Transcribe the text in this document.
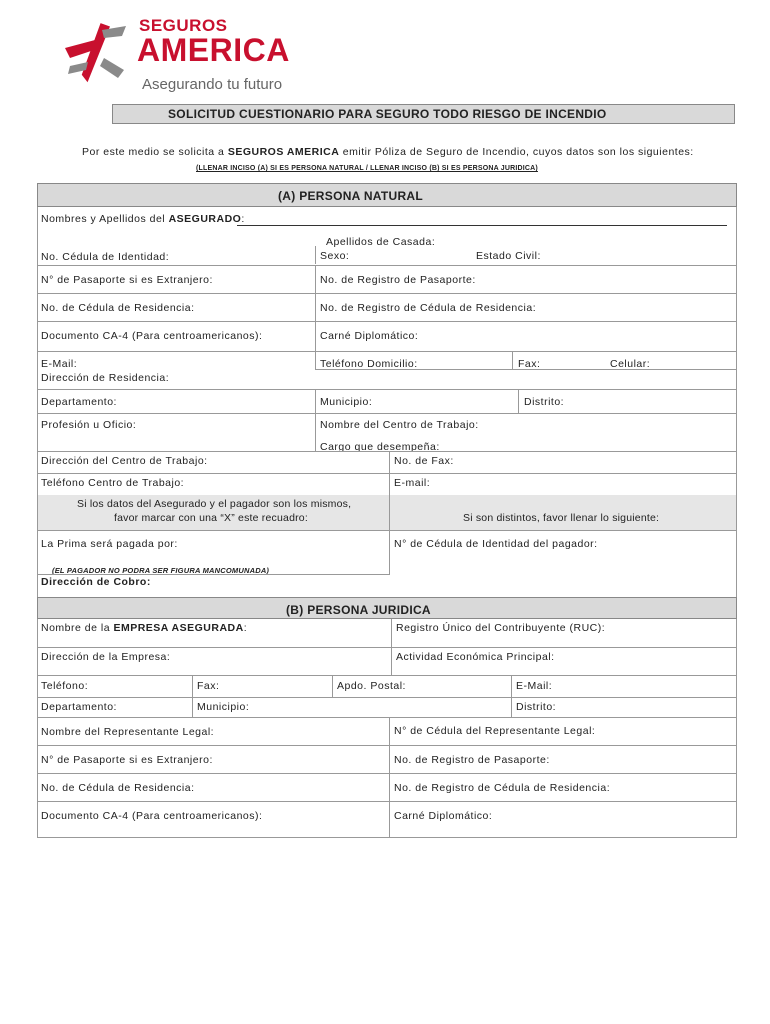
SEGUROS
AMERICA
Asegurando tu futuro
SOLICITUD CUESTIONARIO PARA SEGURO TODO RIESGO DE INCENDIO
Por este medio se solicita a SEGUROS AMERICA emitir Póliza de Seguro de Incendio, cuyos datos son los siguientes:
(LLENAR INCISO (A) SI ES PERSONA NATURAL / LLENAR INCISO (B) SI ES PERSONA JURIDICA)
(A) PERSONA NATURAL
Nombres y Apellidos del ASEGURADO:
Apellidos de Casada:
No. Cédula de Identidad:	Sexo:	Estado Civil:
N° de Pasaporte si es Extranjero:	No. de Registro de Pasaporte:
No. de Cédula de Residencia:	No. de Registro de Cédula de Residencia:
Documento CA-4 (Para centroamericanos):	Carné Diplomático:
E-Mail:	Teléfono Domicilio:	Fax:	Celular:
Dirección de Residencia:
Departamento:	Municipio:	Distrito:
Profesión u Oficio:	Nombre del Centro de Trabajo:
Cargo que desempeña:
Dirección del Centro de Trabajo:	No. de Fax:
Teléfono Centro de Trabajo:	E-mail:
Si los datos del Asegurado y el pagador son los mismos,
favor marcar con una “X” este recuadro:	Si son distintos, favor llenar lo siguiente:
La Prima será pagada por:	N° de Cédula de Identidad del pagador:
(EL PAGADOR NO PODRA SER FIGURA MANCOMUNADA)
Dirección de Cobro:
(B) PERSONA JURIDICA
Nombre de la EMPRESA ASEGURADA:	Registro Único del Contribuyente (RUC):
Dirección de la Empresa:	Actividad Económica Principal:
Teléfono:	Fax:	Apdo. Postal:	E-Mail:
Departamento:	Municipio:	Distrito:
Nombre del Representante Legal:	N° de Cédula del Representante Legal:
N° de Pasaporte si es Extranjero:	No. de Registro de Pasaporte:
No. de Cédula de Residencia:	No. de Registro de Cédula de Residencia:
Documento CA-4 (Para centroamericanos):	Carné Diplomático:
